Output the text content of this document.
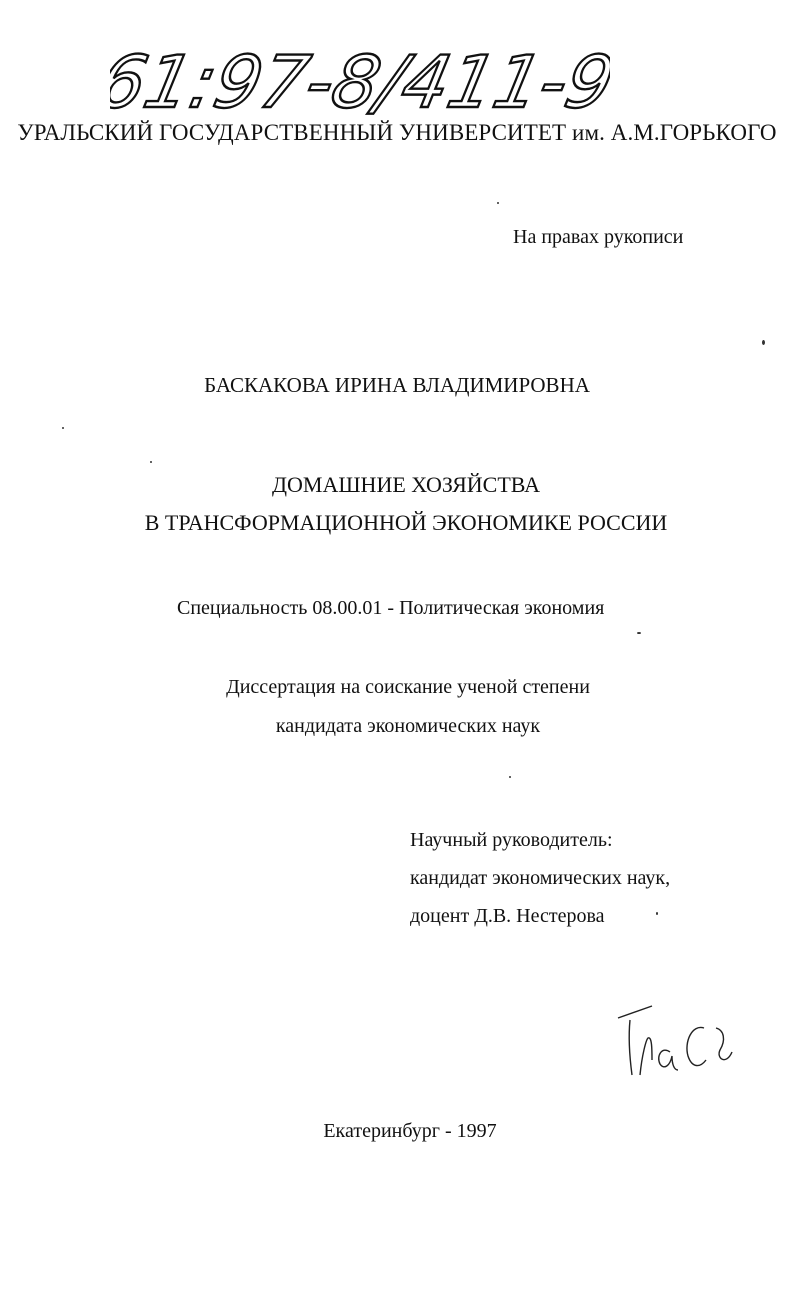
61:97-8/411-9
УРАЛЬСКИЙ ГОСУДАРСТВЕННЫЙ УНИВЕРСИТЕТ им. А.М.ГОРЬКОГО
На правах рукописи
БАСКАКОВА ИРИНА ВЛАДИМИРОВНА
ДОМАШНИЕ ХОЗЯЙСТВА
В ТРАНСФОРМАЦИОННОЙ ЭКОНОМИКЕ РОССИИ
Специальность 08.00.01 - Политическая экономия
Диссертация на соискание ученой степени
кандидата экономических наук
Научный руководитель:
кандидат экономических наук,
доцент Д.В. Нестерова
Екатеринбург - 1997
